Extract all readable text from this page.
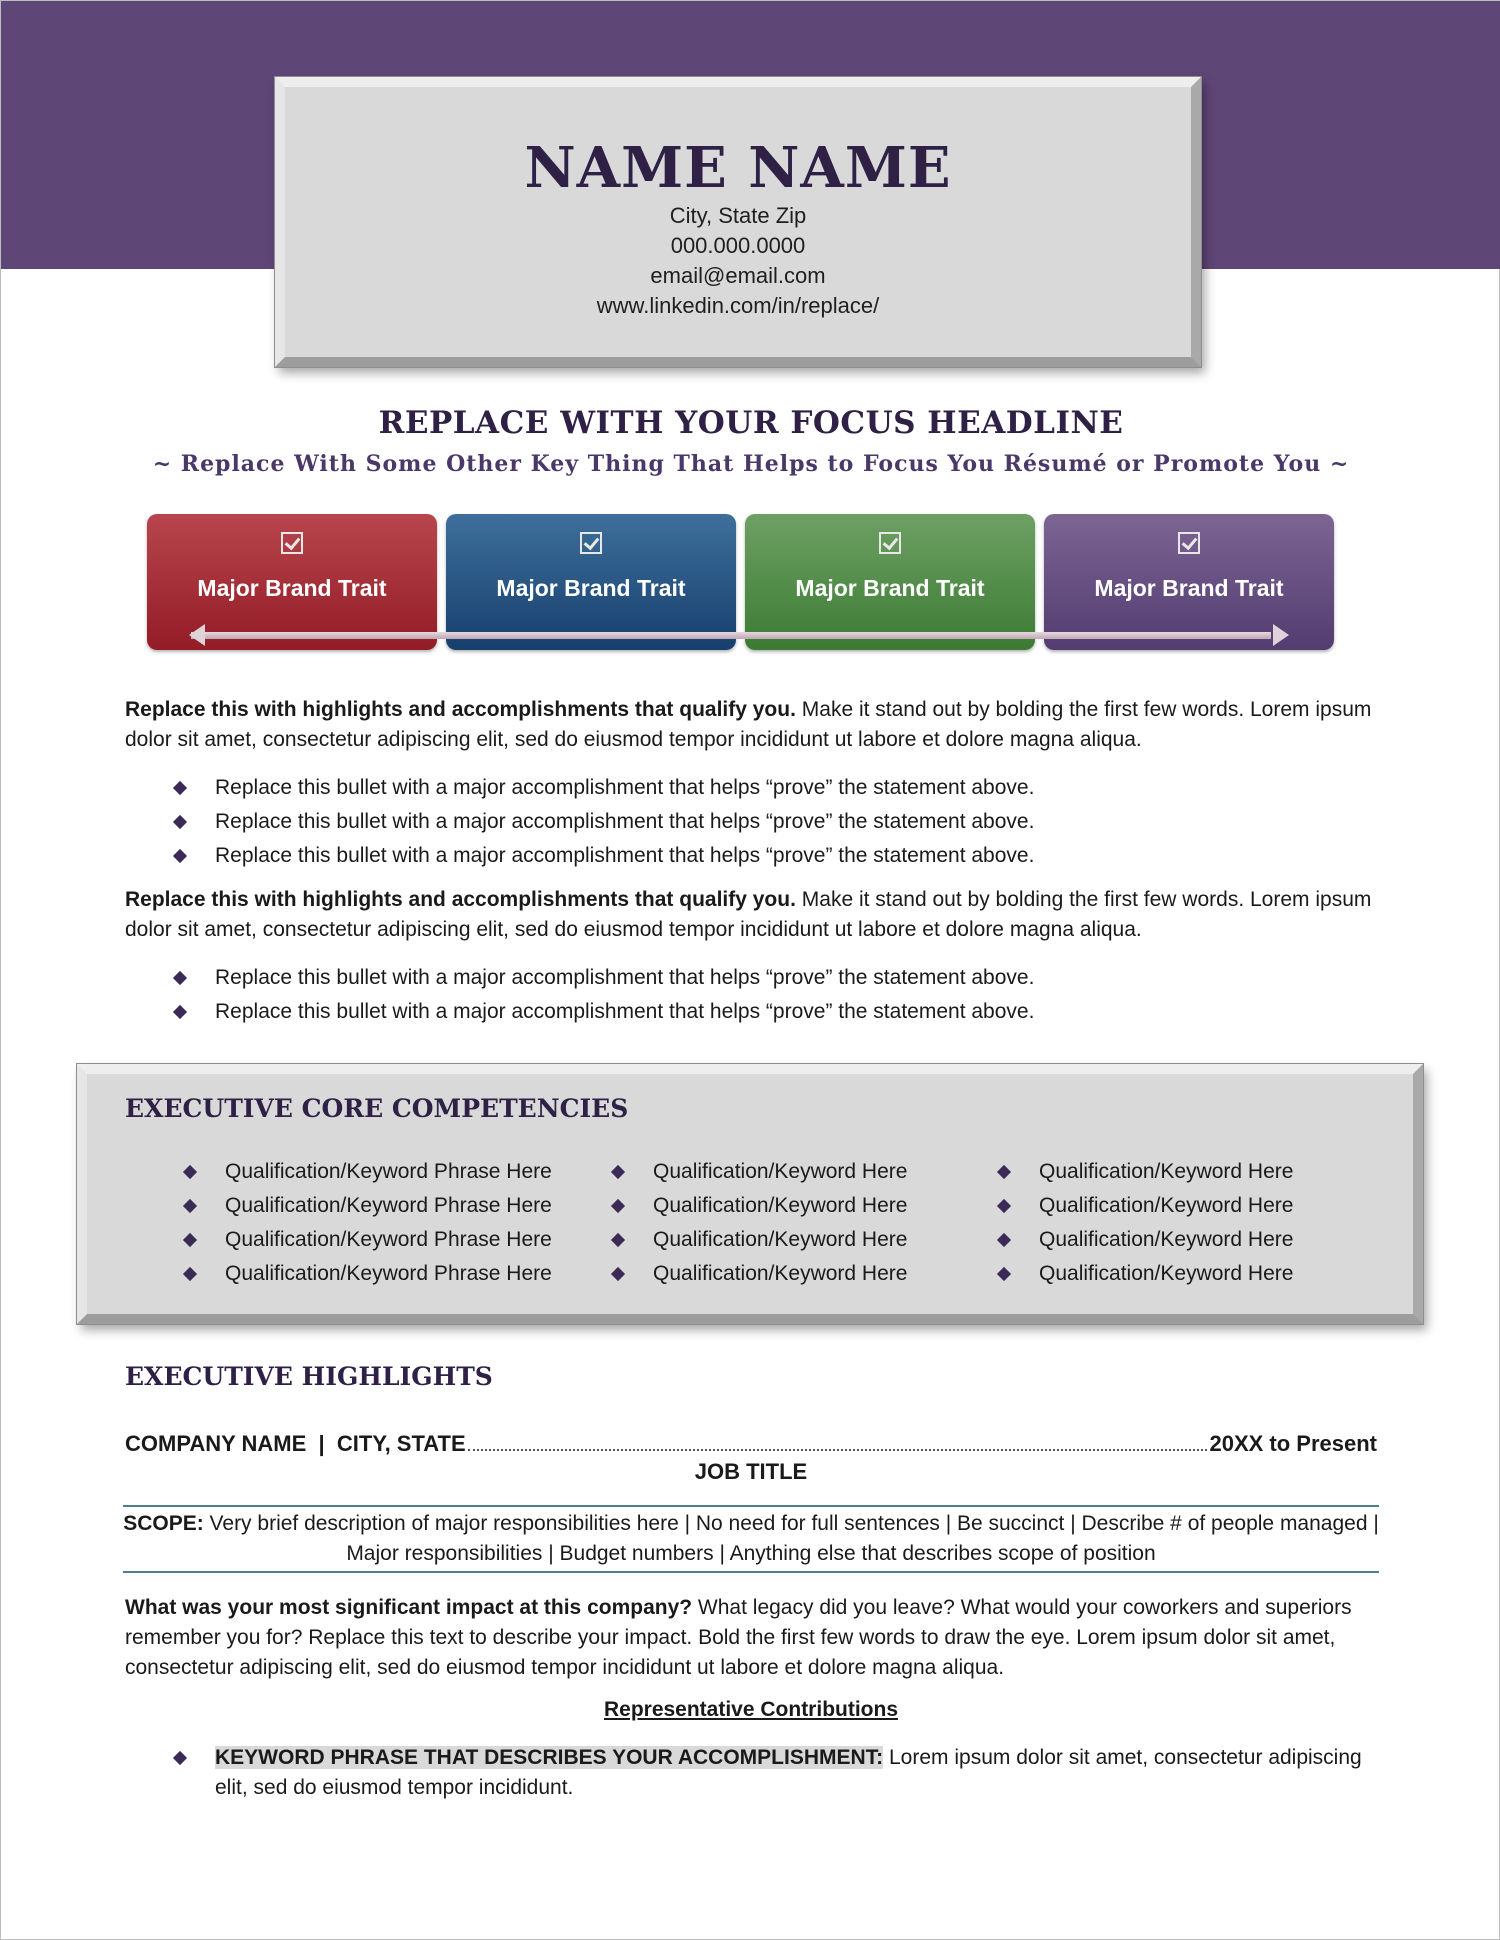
NAME NAME
City, State Zip
000.000.0000
email@email.com
www.linkedin.com/in/replace/
REPLACE WITH YOUR FOCUS HEADLINE
~ Replace With Some Other Key Thing That Helps to Focus You Résumé or Promote You ~
Major Brand Trait	Major Brand Trait	Major Brand Trait	Major Brand Trait
Replace this with highlights and accomplishments that qualify you. Make it stand out by bolding the first few words. Lorem ipsum dolor sit amet, consectetur adipiscing elit, sed do eiusmod tempor incididunt ut labore et dolore magna aliqua.
Replace this bullet with a major accomplishment that helps “prove” the statement above.
Replace this bullet with a major accomplishment that helps “prove” the statement above.
Replace this bullet with a major accomplishment that helps “prove” the statement above.
Replace this with highlights and accomplishments that qualify you. Make it stand out by bolding the first few words. Lorem ipsum dolor sit amet, consectetur adipiscing elit, sed do eiusmod tempor incididunt ut labore et dolore magna aliqua.
Replace this bullet with a major accomplishment that helps “prove” the statement above.
Replace this bullet with a major accomplishment that helps “prove” the statement above.
EXECUTIVE CORE COMPETENCIES
Qualification/Keyword Phrase Here
Qualification/Keyword Phrase Here
Qualification/Keyword Phrase Here
Qualification/Keyword Phrase Here
Qualification/Keyword Here
Qualification/Keyword Here
Qualification/Keyword Here
Qualification/Keyword Here
Qualification/Keyword Here
Qualification/Keyword Here
Qualification/Keyword Here
Qualification/Keyword Here
EXECUTIVE HIGHLIGHTS
COMPANY NAME  |  CITY, STATE	20XX to Present
JOB TITLE
SCOPE: Very brief description of major responsibilities here | No need for full sentences | Be succinct | Describe # of people managed | Major responsibilities | Budget numbers | Anything else that describes scope of position
What was your most significant impact at this company? What legacy did you leave? What would your coworkers and superiors remember you for? Replace this text to describe your impact. Bold the first few words to draw the eye. Lorem ipsum dolor sit amet, consectetur adipiscing elit, sed do eiusmod tempor incididunt ut labore et dolore magna aliqua.
Representative Contributions
KEYWORD PHRASE THAT DESCRIBES YOUR ACCOMPLISHMENT: Lorem ipsum dolor sit amet, consectetur adipiscing elit, sed do eiusmod tempor incididunt.
